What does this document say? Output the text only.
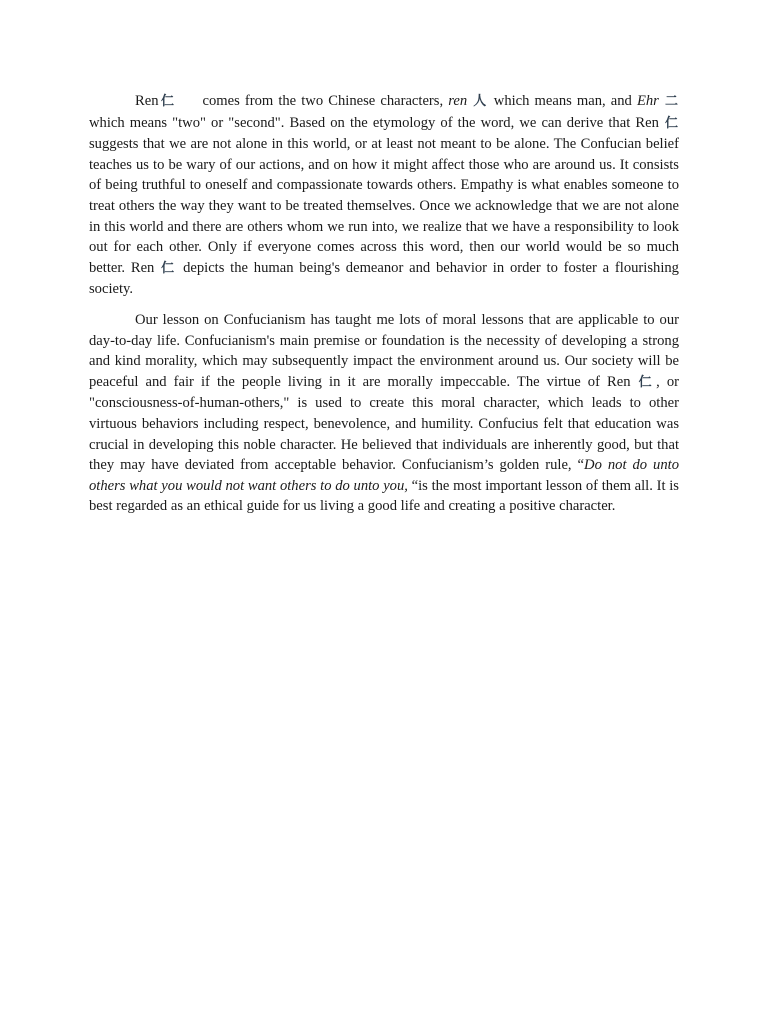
Ren仁 comes from the two Chinese characters, ren 人 which means man, and Ehr 二 which means "two" or "second". Based on the etymology of the word, we can derive that Ren 仁 suggests that we are not alone in this world, or at least not meant to be alone. The Confucian belief teaches us to be wary of our actions, and on how it might affect those who are around us. It consists of being truthful to oneself and compassionate towards others. Empathy is what enables someone to treat others the way they want to be treated themselves. Once we acknowledge that we are not alone in this world and there are others whom we run into, we realize that we have a responsibility to look out for each other. Only if everyone comes across this word, then our world would be so much better. Ren 仁 depicts the human being's demeanor and behavior in order to foster a flourishing society.

Our lesson on Confucianism has taught me lots of moral lessons that are applicable to our day-to-day life. Confucianism's main premise or foundation is the necessity of developing a strong and kind morality, which may subsequently impact the environment around us. Our society will be peaceful and fair if the people living in it are morally impeccable. The virtue of Ren 仁, or "consciousness-of-human-others," is used to create this moral character, which leads to other virtuous behaviors including respect, benevolence, and humility. Confucius felt that education was crucial in developing this noble character. He believed that individuals are inherently good, but that they may have deviated from acceptable behavior. Confucianism’s golden rule, “Do not do unto others what you would not want others to do unto you, “is the most important lesson of them all. It is best regarded as an ethical guide for us living a good life and creating a positive character.
